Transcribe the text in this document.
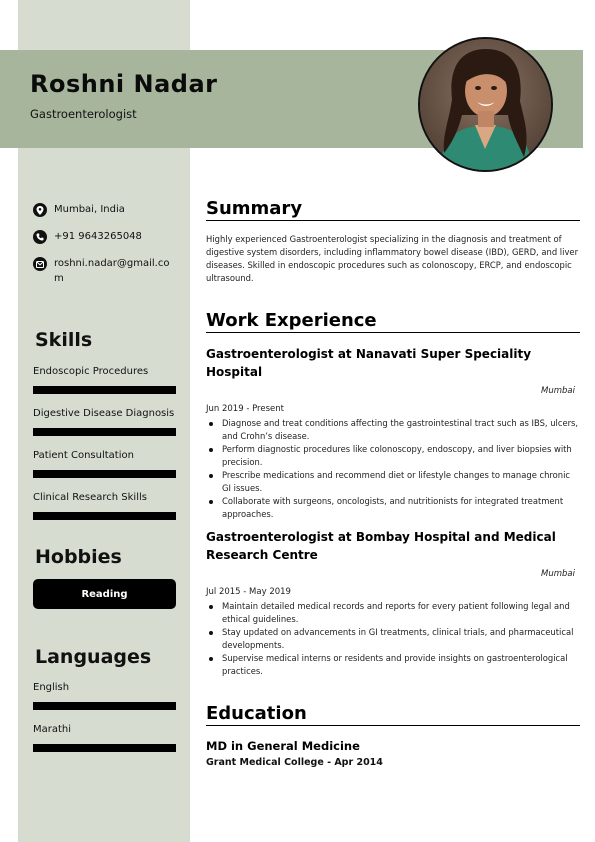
Roshni Nadar
Gastroenterologist
Mumbai, India
+91 9643265048
roshni.nadar@gmail.com
Skills
Endoscopic Procedures
Digestive Disease Diagnosis
Patient Consultation
Clinical Research Skills
Hobbies
Reading
Languages
English
Marathi
Summary
Highly experienced Gastroenterologist specializing in the diagnosis and treatment of digestive system disorders, including inflammatory bowel disease (IBD), GERD, and liver diseases. Skilled in endoscopic procedures such as colonoscopy, ERCP, and endoscopic ultrasound.
Work Experience
Gastroenterologist at Nanavati Super Speciality Hospital
Mumbai
Jun 2019 - Present
Diagnose and treat conditions affecting the gastrointestinal tract such as IBS, ulcers, and Crohn’s disease.
Perform diagnostic procedures like colonoscopy, endoscopy, and liver biopsies with precision.
Prescribe medications and recommend diet or lifestyle changes to manage chronic GI issues.
Collaborate with surgeons, oncologists, and nutritionists for integrated treatment approaches.
Gastroenterologist at Bombay Hospital and Medical Research Centre
Mumbai
Jul 2015 - May 2019
Maintain detailed medical records and reports for every patient following legal and ethical guidelines.
Stay updated on advancements in GI treatments, clinical trials, and pharmaceutical developments.
Supervise medical interns or residents and provide insights on gastroenterological practices.
Education
MD in General Medicine
Grant Medical College - Apr 2014
